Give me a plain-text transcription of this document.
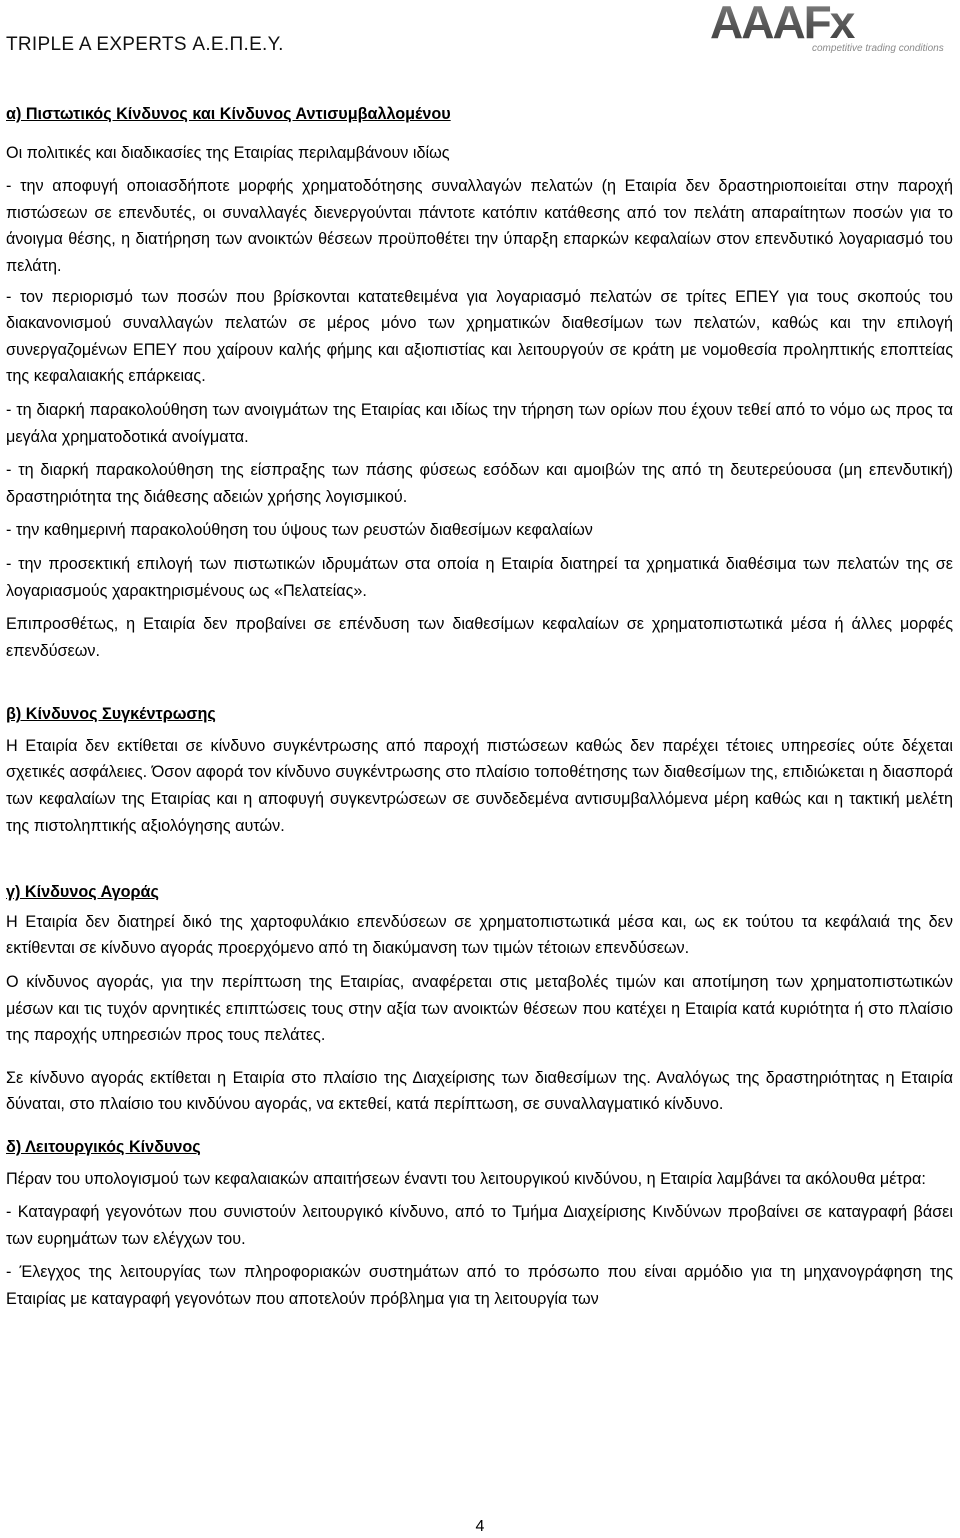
TRIPLE A EXPERTS Α.Ε.Π.Ε.Υ.	AAAFx
competitive trading conditions

α) Πιστωτικός Κίνδυνος και Κίνδυνος Αντισυμβαλλομένου

Οι πολιτικές και διαδικασίες της Εταιρίας περιλαμβάνουν ιδίως

- την αποφυγή οποιασδήποτε μορφής χρηματοδότησης συναλλαγών πελατών (η Εταιρία δεν δραστηριοποιείται στην παροχή πιστώσεων σε επενδυτές, οι συναλλαγές διενεργούνται πάντοτε κατόπιν κατάθεσης από τον πελάτη απαραίτητων ποσών για το άνοιγμα θέσης, η διατήρηση των ανοικτών θέσεων προϋποθέτει την ύπαρξη επαρκών κεφαλαίων στον επενδυτικό λογαριασμό του πελάτη.

- τον περιορισμό των ποσών που βρίσκονται κατατεθειμένα για λογαριασμό πελατών σε τρίτες ΕΠΕΥ για τους σκοπούς του διακανονισμού συναλλαγών πελατών σε μέρος μόνο των χρηματικών διαθεσίμων των πελατών, καθώς και την επιλογή συνεργαζομένων ΕΠΕΥ που χαίρουν καλής φήμης και αξιοπιστίας και λειτουργούν σε κράτη με νομοθεσία προληπτικής εποπτείας της κεφαλαιακής επάρκειας.

- τη διαρκή παρακολούθηση των ανοιγμάτων της Εταιρίας και ιδίως την τήρηση των ορίων που έχουν τεθεί από το νόμο ως προς τα μεγάλα χρηματοδοτικά ανοίγματα.

- τη διαρκή παρακολούθηση της είσπραξης των πάσης φύσεως εσόδων και αμοιβών της από τη δευτερεύουσα (μη επενδυτική) δραστηριότητα της διάθεσης αδειών χρήσης λογισμικού.

- την καθημερινή παρακολούθηση του ύψους των ρευστών διαθεσίμων κεφαλαίων

- την προσεκτική επιλογή των πιστωτικών ιδρυμάτων στα οποία η Εταιρία διατηρεί τα χρηματικά διαθέσιμα των πελατών της σε λογαριασμούς χαρακτηρισμένους ως «Πελατείας».

Επιπροσθέτως, η Εταιρία δεν προβαίνει σε επένδυση των διαθεσίμων κεφαλαίων σε χρηματοπιστωτικά μέσα ή άλλες μορφές επενδύσεων.

β) Κίνδυνος Συγκέντρωσης

Η Εταιρία δεν εκτίθεται σε κίνδυνο συγκέντρωσης από παροχή πιστώσεων καθώς δεν παρέχει τέτοιες υπηρεσίες ούτε δέχεται σχετικές ασφάλειες. Όσον αφορά τον κίνδυνο συγκέντρωσης στο πλαίσιο τοποθέτησης των διαθεσίμων της, επιδιώκεται η διασπορά των κεφαλαίων της Εταιρίας και η αποφυγή συγκεντρώσεων σε συνδεδεμένα αντισυμβαλλόμενα μέρη καθώς και η τακτική μελέτη της πιστοληπτικής αξιολόγησης αυτών.

γ) Κίνδυνος Αγοράς

Η Εταιρία δεν διατηρεί δικό της χαρτοφυλάκιο επενδύσεων σε χρηματοπιστωτικά μέσα και, ως εκ τούτου τα κεφάλαιά της δεν εκτίθενται σε κίνδυνο αγοράς προερχόμενο από τη διακύμανση των τιμών τέτοιων επενδύσεων.

Ο κίνδυνος αγοράς, για την περίπτωση της Εταιρίας, αναφέρεται στις μεταβολές τιμών και αποτίμηση των χρηματοπιστωτικών μέσων και τις τυχόν αρνητικές επιπτώσεις τους στην αξία των ανοικτών θέσεων που κατέχει η Εταιρία κατά κυριότητα ή στο πλαίσιο της παροχής υπηρεσιών προς τους πελάτες.

Σε κίνδυνο αγοράς εκτίθεται η Εταιρία στο πλαίσιο της Διαχείρισης των διαθεσίμων της. Αναλόγως της δραστηριότητας η Εταιρία δύναται, στο πλαίσιο του κινδύνου αγοράς, να εκτεθεί, κατά περίπτωση, σε συναλλαγματικό κίνδυνο.

δ) Λειτουργικός Κίνδυνος

Πέραν του υπολογισμού των κεφαλαιακών απαιτήσεων έναντι του λειτουργικού κινδύνου, η Εταιρία λαμβάνει τα ακόλουθα μέτρα:

- Καταγραφή γεγονότων που συνιστούν λειτουργικό κίνδυνο, από το Τμήμα Διαχείρισης Κινδύνων προβαίνει σε καταγραφή βάσει των ευρημάτων των ελέγχων του.

- Έλεγχος της λειτουργίας των πληροφοριακών συστημάτων από το πρόσωπο που είναι αρμόδιο για τη μηχανογράφηση της Εταιρίας με καταγραφή γεγονότων που αποτελούν πρόβλημα για τη λειτουργία των

4
